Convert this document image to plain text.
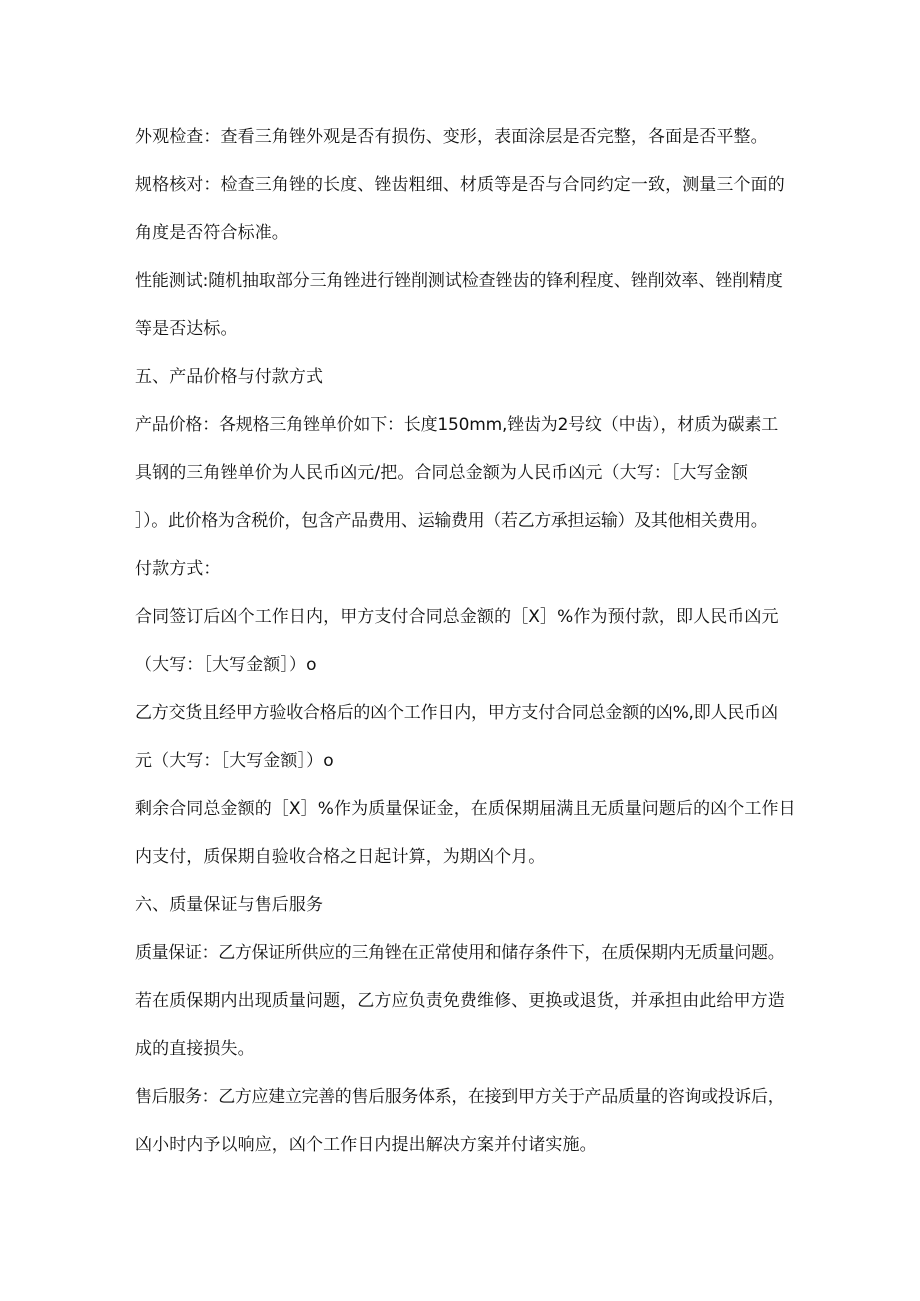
外观检查：查看三角锉外观是否有损伤、变形，表面涂层是否完整，各面是否平整。
规格核对：检查三角锉的长度、锉齿粗细、材质等是否与合同约定一致，测量三个面的
角度是否符合标准。
性能测试:随机抽取部分三角锉进行锉削测试检查锉齿的锋利程度、锉削效率、锉削精度
等是否达标。
五、产品价格与付款方式
产品价格：各规格三角锉单价如下：长度150mm,锉齿为2号纹（中齿），材质为碳素工
具钢的三角锉单价为人民币凶元/把。合同总金额为人民币凶元（大写：［大写金额
］）。此价格为含税价，包含产品费用、运输费用（若乙方承担运输）及其他相关费用。
付款方式：
合同签订后凶个工作日内，甲方支付合同总金额的［X］%作为预付款，即人民币凶元
（大写：［大写金额］）o
乙方交货且经甲方验收合格后的凶个工作日内，甲方支付合同总金额的凶%,即人民币凶
元（大写：［大写金额］）o
剩余合同总金额的［X］%作为质量保证金，在质保期届满且无质量问题后的凶个工作日
内支付，质保期自验收合格之日起计算，为期凶个月。
六、质量保证与售后服务
质量保证：乙方保证所供应的三角锉在正常使用和储存条件下，在质保期内无质量问题。
若在质保期内出现质量问题，乙方应负责免费维修、更换或退货，并承担由此给甲方造
成的直接损失。
售后服务：乙方应建立完善的售后服务体系，在接到甲方关于产品质量的咨询或投诉后，
凶小时内予以响应，凶个工作日内提出解决方案并付诸实施。
